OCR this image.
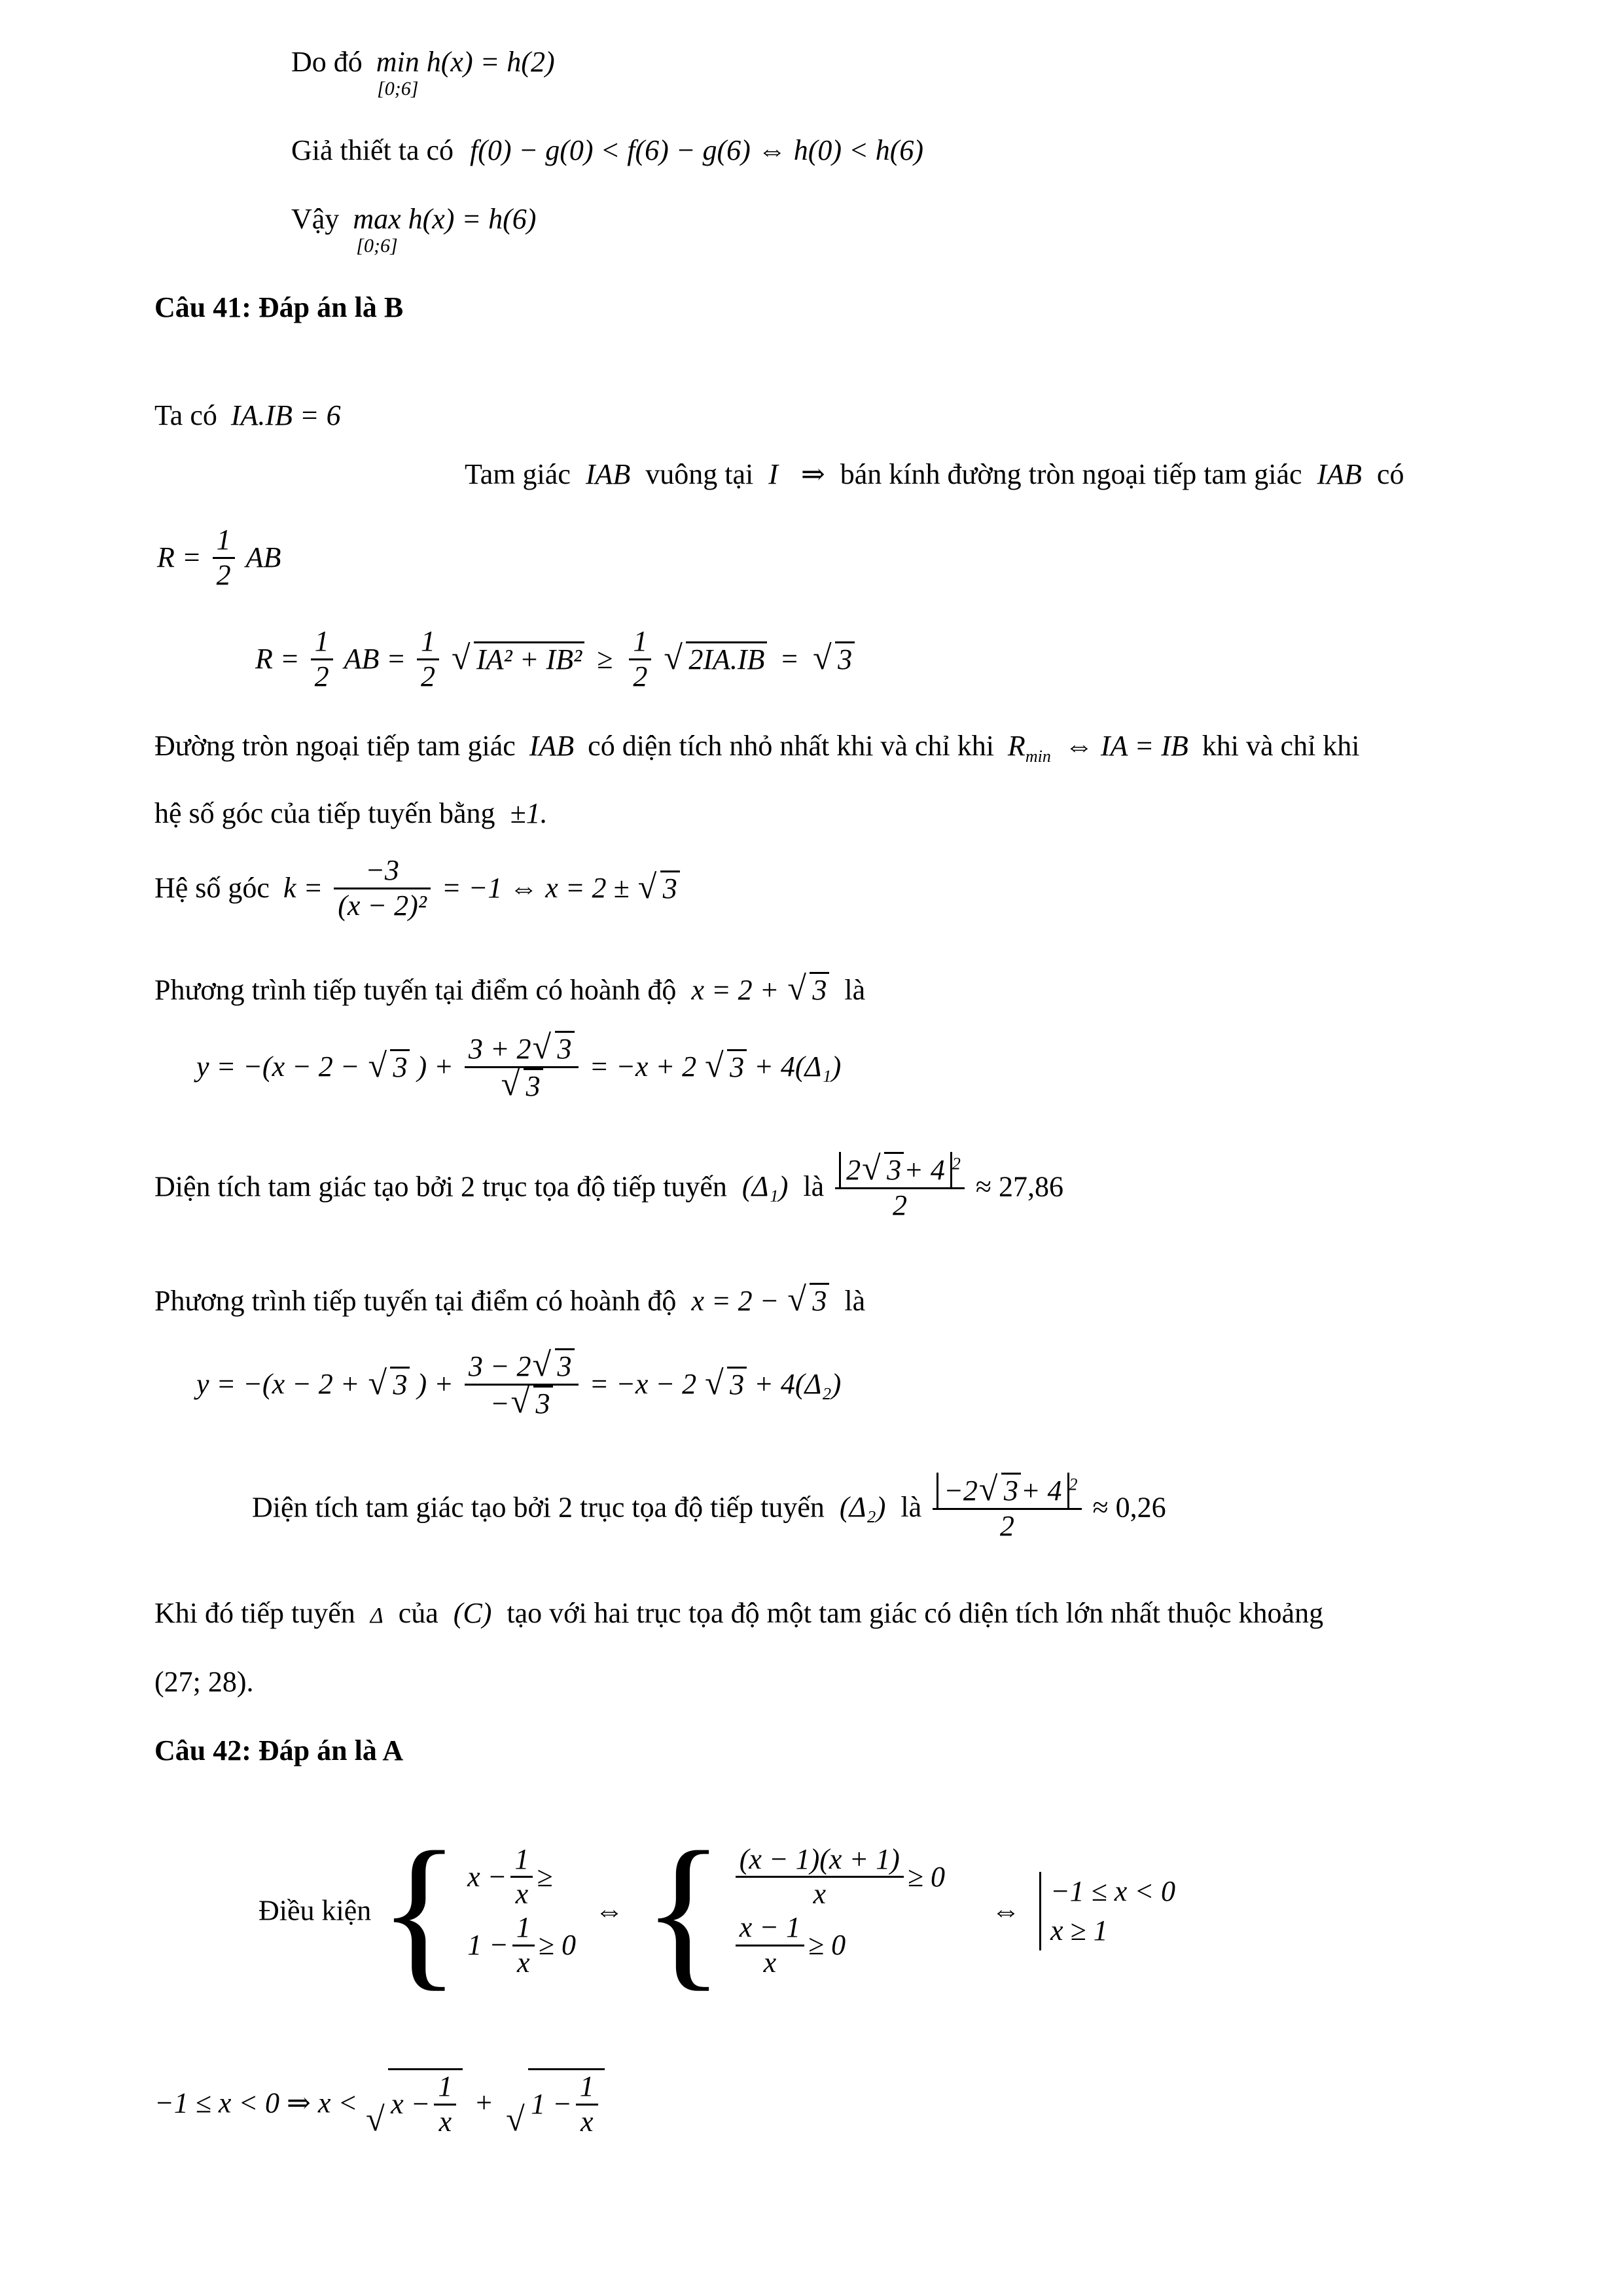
Do đó min
[0;6]
h(x) = h(2)
Giả thiết ta có f(0) − g(0) < f(6) − g(6) ⇔ h(0) < h(6)
Vậy max
[0;6]
h(x) = h(6)
Câu 41: Đáp án là B
Ta có IA.IB = 6
Tam giác IAB vuông tại I ⇒ bán kính đường tròn ngoại tiếp tam giác IAB có
$R = \frac{1}{2}$ AB
$R = \frac{1}{2}$ AB = $\frac{1}{2}$ √ $IA^2 + IB^2 \ge \frac{1}{2}$ √ 2IA.IB = √ 3
Đường tròn ngoại tiếp tam giác IAB có diện tích nhỏ nhất khi và chỉ khi $R_{min}$ ⇔ IA = IB khi và chỉ khi
hệ số góc của tiếp tuyến bằng ±1.
Hệ số góc $k = \frac{-3}{\text{(x − 2)²}} = -1$ ⇔ x = 2 ± √ 3
Phương trình tiếp tuyến tại điểm có hoành độ x = 2 + √ 3 là
y = −(x − 2 − √ 3 ) + 3 + 2 √ 3
√ 3 = −x + 2 √ 3 + 4(Δ₁)
Diện tích tam giác tạo bởi 2 trục tọa độ tiếp tuyến (Δ₁) là $\frac{2 √ 3+ 4 ^2}{2} \approx 27,86$
Phương trình tiếp tuyến tại điểm có hoành độ x = 2 − √ 3 là
y = −(x − 2 + √ 3 ) + $\frac{3 - 2 √ 3}{- √ 3} = -x - 2$ √ 3 + 4(Δ₂)
Diện tích tam giác tạo bởi 2 trục tọa độ tiếp tuyến (Δ₂) là $\frac{-2 √ 3+ 4 ^2}{2} \approx 0,26$
Khi đó tiếp tuyến Δ của (C) tạo với hai trục tọa độ một tam giác có diện tích lớn nhất thuộc khoảng
(27; 28).
Câu 42: Đáp án là A
Điều kiện { $x - \frac{1}{x}$ ≥
$1 - \frac{1}{x} \ge 0$
⇔ { $\frac{(x - 1)(x + 1)}{x} \ge 0$
$\frac{x - 1}{x} \ge 0$
⇔
−1 ≤ x < 0
x ≥ 1
−1 ≤ x < 0 ⇒ x < √ $x - \frac{1}{x}$ + √ $1 - \frac{1}{x}$
